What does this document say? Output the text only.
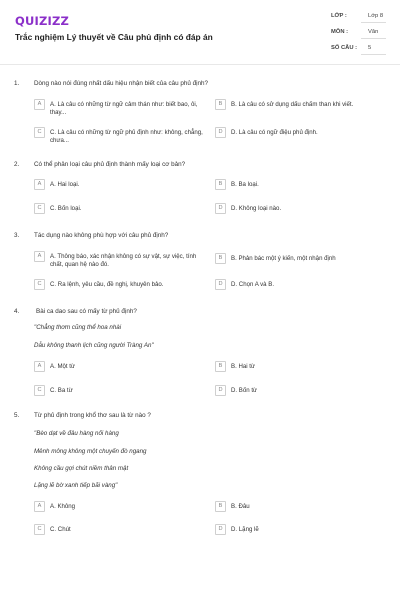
QUIZIZZ
Trắc nghiệm Lý thuyết về Câu phủ định có đáp án
LỚP :	Lớp 8
MÔN :	Văn
SỐ CÂU : 5
1. Dòng nào nói đúng nhất dấu hiệu nhận biết của câu phủ định?
A	A. Là câu có những từ ngữ cảm thán như: biết bao, ôi, thay...
B	B. Là câu có sử dụng dấu chấm than khi viết.
C	C. Là câu có những từ ngữ phủ định như: không, chẳng, chưa...
D	D. Là câu có ngữ điệu phủ định.
2. Có thể phân loại câu phủ định thành mấy loại cơ bản?
A	A. Hai loại.	B	B. Ba loại.
C	C. Bốn loại.	D	D. Không loại nào.
3. Tác dụng nào không phù hợp với câu phủ định?
A	A. Thông báo, xác nhận không có sự vật, sự việc, tính chất, quan hệ nào đó.
B	B. Phản bác một ý kiến, một nhận định
C	C. Ra lệnh, yêu cầu, đề nghị, khuyên bảo.	D	D. Chọn A và B.
4.	Bài ca dao sau có mấy từ phủ định?
"Chẳng thơm cũng thể hoa nhài
Dẫu không thanh lịch cũng người Tràng An"
A	A. Một từ	B	B. Hai từ
C	C. Ba từ	D	D. Bốn từ
5. Từ phủ định trong khổ thơ sau là từ nào ?
"Bèo dạt về đâu hàng nối hàng
Mênh mông không một chuyến đò ngang
Không cầu gợi chút niềm thân mật
Lặng lẽ bờ xanh tiếp bãi vàng"
A	A. Không	B	B. Đâu
C	C. Chút	D	D. Lặng lẽ
